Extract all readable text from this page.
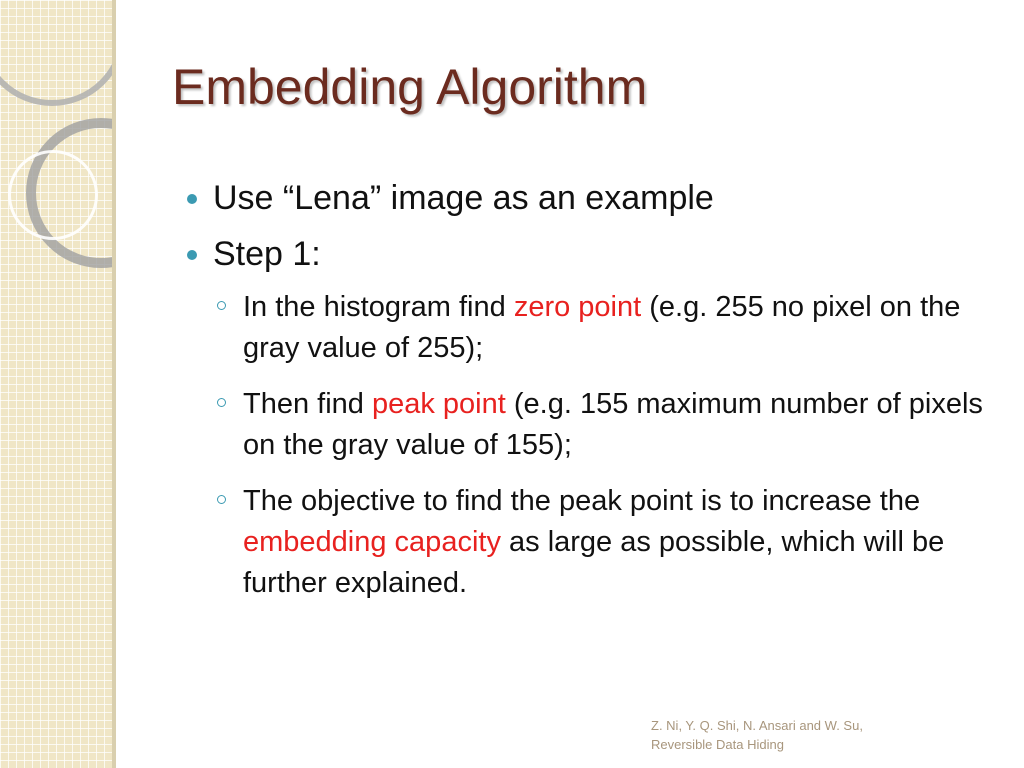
Embedding Algorithm
Use “Lena” image as an example
Step 1:
In the histogram find zero point (e.g. 255 no pixel on the gray value of 255);
Then find peak point (e.g. 155 maximum number of pixels on the gray value of 155);
The objective to find the peak point is to increase the embedding capacity as large as possible, which will be further explained.
Z. Ni, Y. Q. Shi, N. Ansari and W. Su,
Reversible Data Hiding
